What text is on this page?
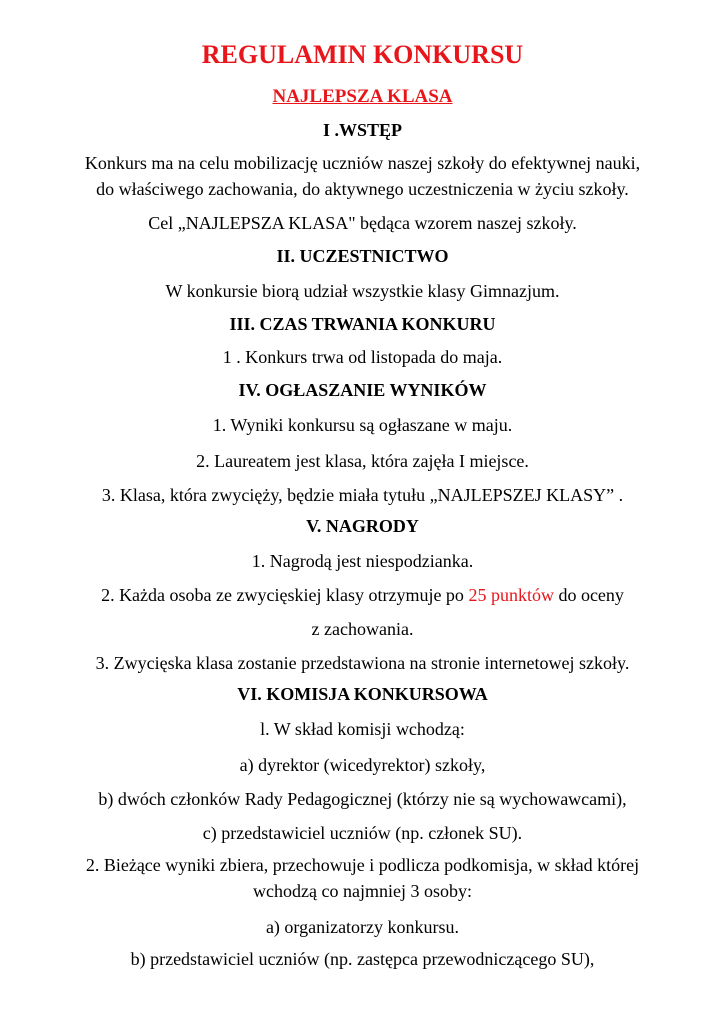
REGULAMIN KONKURSU
NAJLEPSZA KLASA
I .WSTĘP
Konkurs ma na celu mobilizację uczniów naszej szkoły do efektywnej nauki,
do właściwego zachowania, do aktywnego uczestniczenia w życiu szkoły.
Cel „NAJLEPSZA KLASA" będąca wzorem naszej szkoły.
II. UCZESTNICTWO
W konkursie biorą udział wszystkie klasy Gimnazjum.
III. CZAS TRWANIA KONKURU
1 . Konkurs trwa od listopada do maja.
IV. OGŁASZANIE WYNIKÓW
1. Wyniki konkursu są ogłaszane w maju.
2. Laureatem jest klasa, która zajęła I miejsce.
3. Klasa, która zwycięży, będzie miała tytułu „NAJLEPSZEJ KLASY” .
V. NAGRODY
1. Nagrodą jest niespodzianka.
2. Każda osoba ze zwycięskiej klasy otrzymuje po 25 punktów do oceny
z zachowania.
3. Zwycięska klasa zostanie przedstawiona na stronie internetowej szkoły.
VI. KOMISJA KONKURSOWA
l. W skład komisji wchodzą:
a) dyrektor (wicedyrektor) szkoły,
b) dwóch członków Rady Pedagogicznej (którzy nie są wychowawcami),
c) przedstawiciel uczniów (np. członek SU).
2. Bieżące wyniki zbiera, przechowuje i podlicza podkomisja, w skład której
wchodzą co najmniej 3 osoby:
a) organizatorzy konkursu.
b) przedstawiciel uczniów (np. zastępca przewodniczącego SU),
